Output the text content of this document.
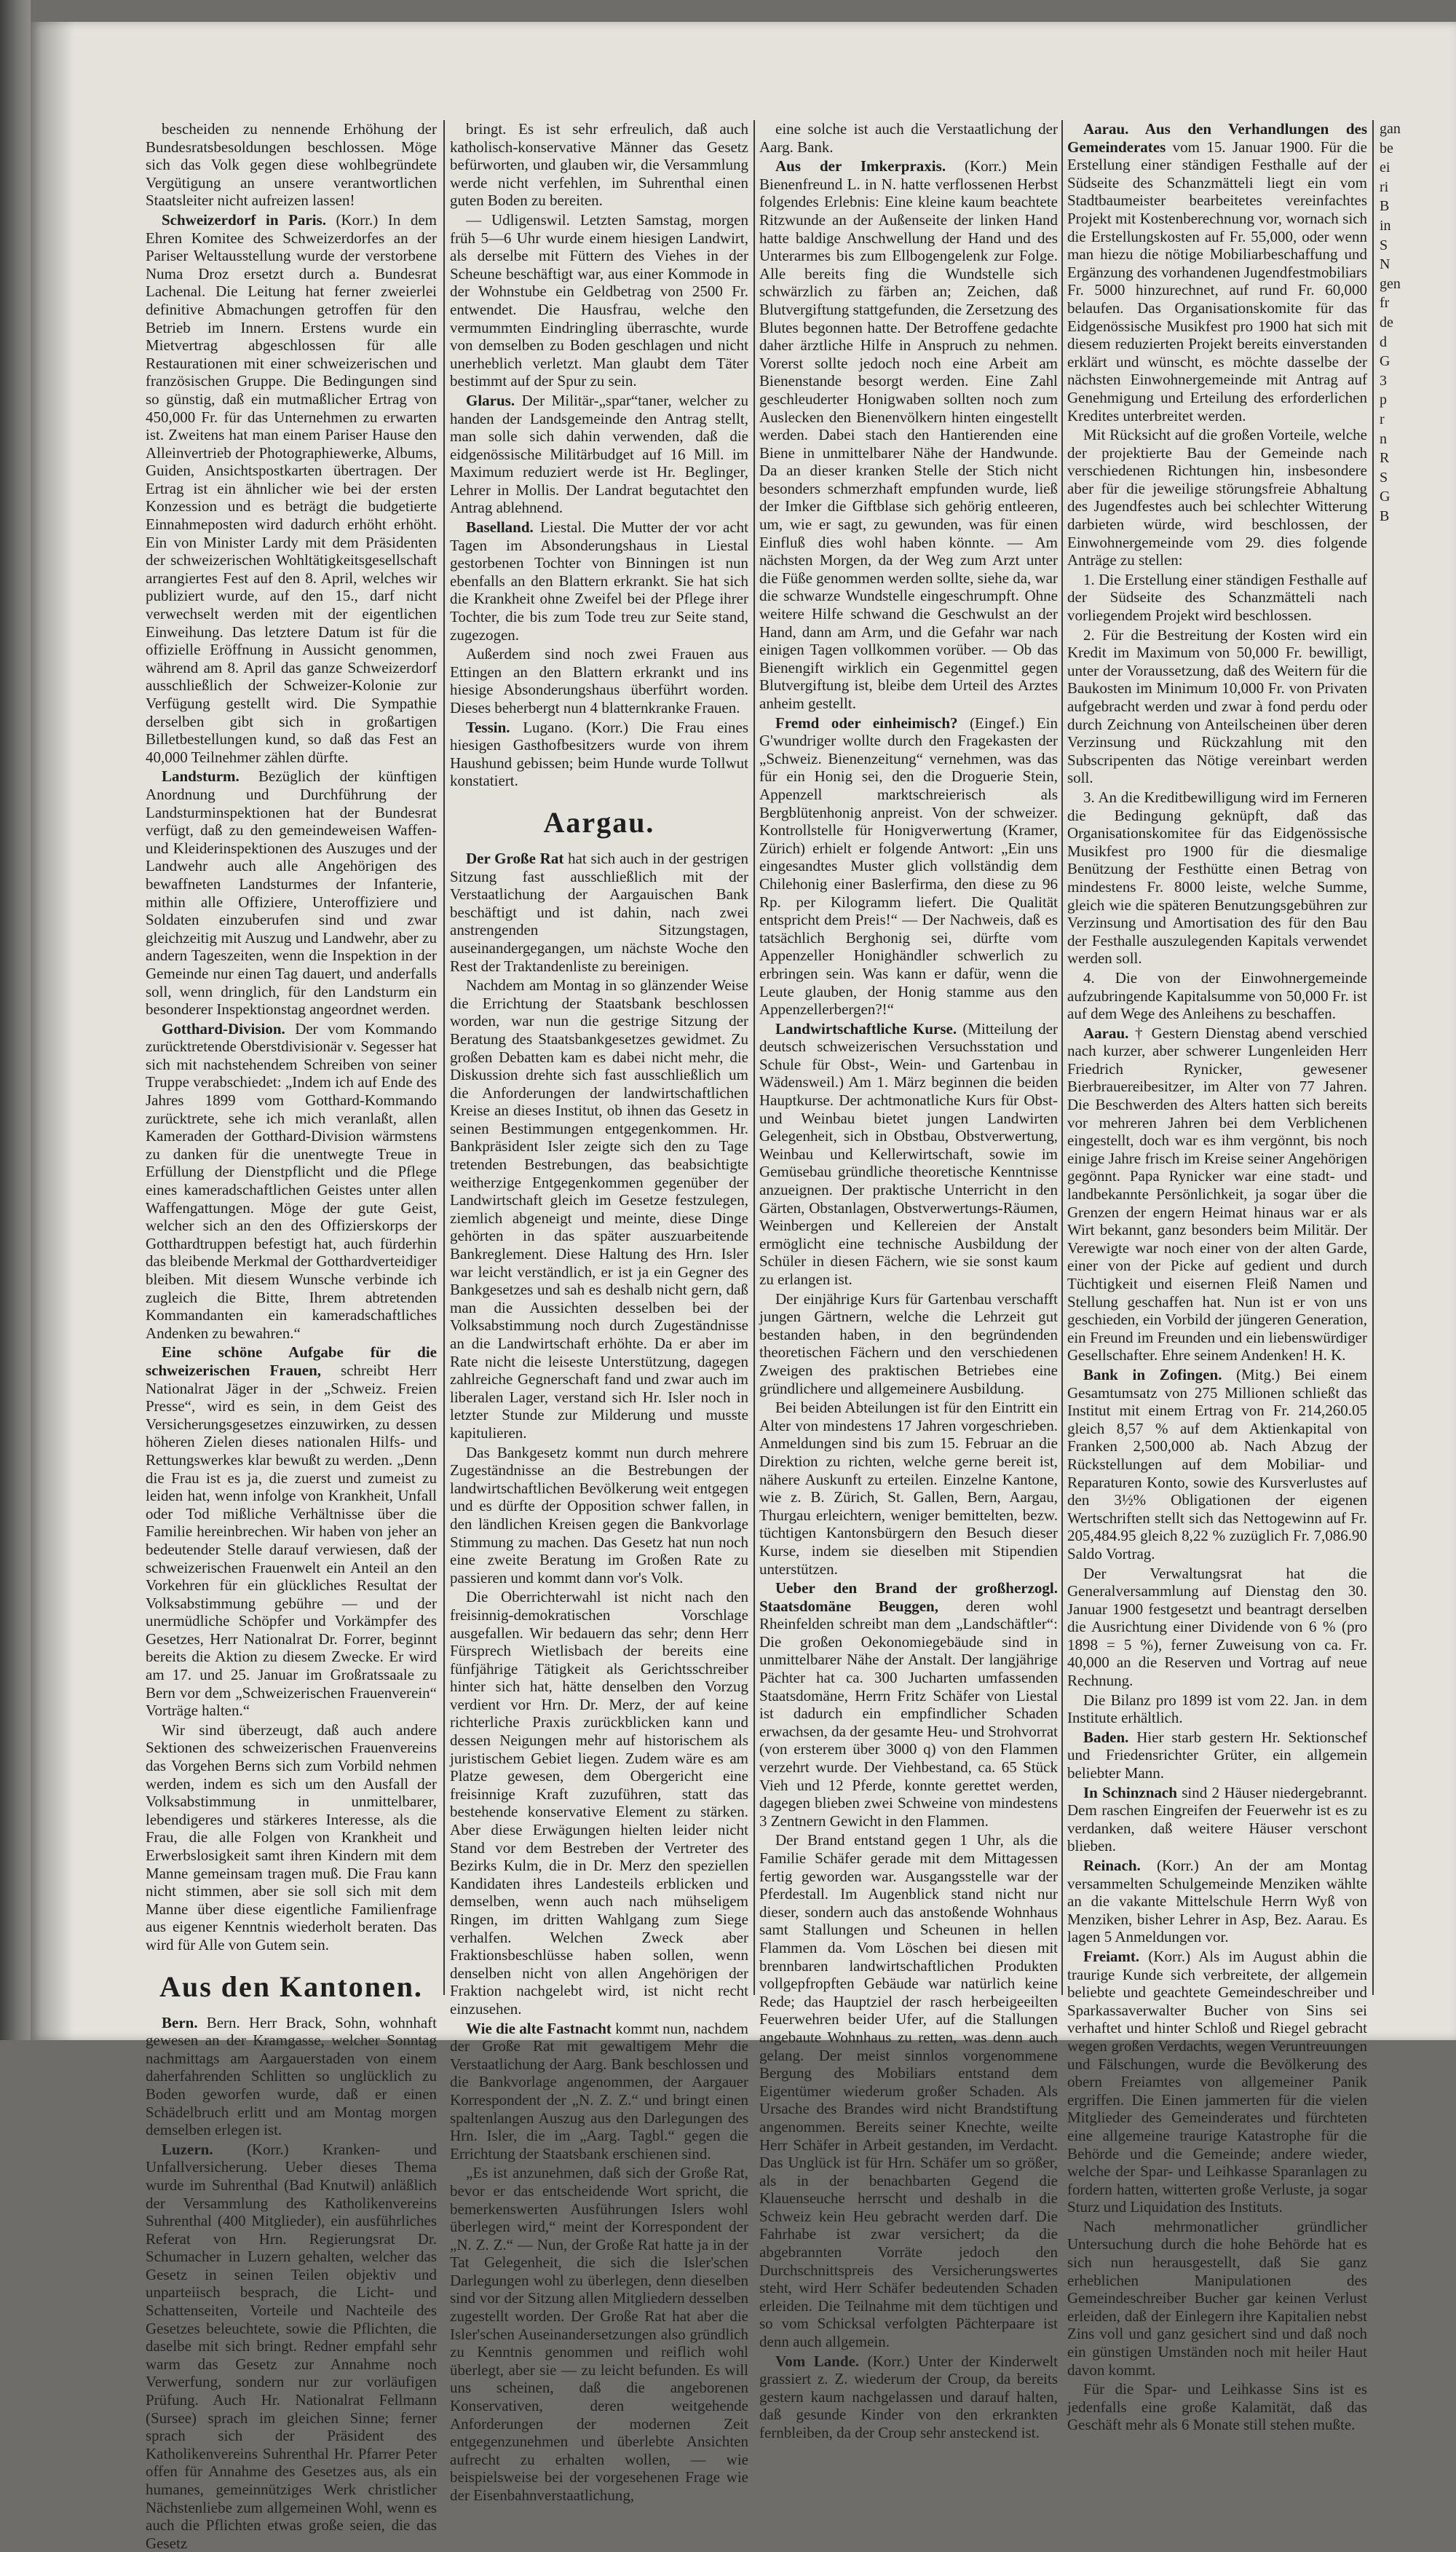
bescheiden zu nennende Erhöhung der Bundesratsbesoldungen beschlossen. Möge sich das Volk gegen diese wohlbegründete Vergütigung an unsere verantwortlichen Staatsleiter nicht aufreizen lassen!

Schweizerdorf in Paris. (Korr.) In dem Ehren Komitee des Schweizerdorfes an der Pariser Weltausstellung wurde der verstorbene Numa Droz ersetzt durch a. Bundesrat Lachenal. Die Leitung hat ferner zweierlei definitive Abmachungen getroffen für den Betrieb im Innern. Erstens wurde ein Mietvertrag abgeschlossen für alle Restaurationen mit einer schweizerischen und französischen Gruppe. Die Bedingungen sind so günstig, daß ein mutmaßlicher Ertrag von 450,000 Fr. für das Unternehmen zu erwarten ist. Zweitens hat man einem Pariser Hause den Alleinvertrieb der Photographiewerke, Albums, Guiden, Ansichtspostkarten übertragen. Der Ertrag ist ein ähnlicher wie bei der ersten Konzession und es beträgt die budgetierte Einnahmeposten wird dadurch erhöht erhöht. Ein von Minister Lardy mit dem Präsidenten der schweizerischen Wohltätigkeitsgesellschaft arrangiertes Fest auf den 8. April, welches wir publiziert wurde, auf den 15., darf nicht verwechselt werden mit der eigentlichen Einweihung. Das letztere Datum ist für die offizielle Eröffnung in Aussicht genommen, während am 8. April das ganze Schweizerdorf ausschließlich der Schweizer-Kolonie zur Verfügung gestellt wird. Die Sympathie derselben gibt sich in großartigen Billetbestellungen kund, so daß das Fest an 40,000 Teilnehmer zählen dürfte.

Landsturm. Bezüglich der künftigen Anordnung und Durchführung der Landsturminspektionen hat der Bundesrat verfügt, daß zu den gemeindeweisen Waffen- und Kleiderinspektionen des Auszuges und der Landwehr auch alle Angehörigen des bewaffneten Landsturmes der Infanterie, mithin alle Offiziere, Unteroffiziere und Soldaten einzuberufen sind und zwar gleichzeitig mit Auszug und Landwehr, aber zu andern Tageszeiten, wenn die Inspektion in der Gemeinde nur einen Tag dauert, und anderfalls soll, wenn dringlich, für den Landsturm ein besonderer Inspektionstag angeordnet werden.

Gotthard-Division. Der vom Kommando zurücktretende Oberstdivisionär v. Segesser hat sich mit nachstehendem Schreiben von seiner Truppe verabschiedet: „Indem ich auf Ende des Jahres 1899 vom Gotthard-Kommando zurücktrete, sehe ich mich veranlaßt, allen Kameraden der Gotthard-Division wärmstens zu danken für die unentwegte Treue in Erfüllung der Dienstpflicht und die Pflege eines kameradschaftlichen Geistes unter allen Waffengattungen. Möge der gute Geist, welcher sich an den des Offizierskorps der Gotthardtruppen befestigt hat, auch fürderhin das bleibende Merkmal der Gotthardverteidiger bleiben. Mit diesem Wunsche verbinde ich zugleich die Bitte, Ihrem abtretenden Kommandanten ein kameradschaftliches Andenken zu bewahren.“

Eine schöne Aufgabe für die schweizerischen Frauen, schreibt Herr Nationalrat Jäger in der „Schweiz. Freien Presse“, wird es sein, in dem Geist des Versicherungsgesetzes einzuwirken, zu dessen höheren Zielen dieses nationalen Hilfs- und Rettungswerkes klar bewußt zu werden. „Denn die Frau ist es ja, die zuerst und zumeist zu leiden hat, wenn infolge von Krankheit, Unfall oder Tod mißliche Verhältnisse über die Familie hereinbrechen. Wir haben von jeher an bedeutender Stelle darauf verwiesen, daß der schweizerischen Frauenwelt ein Anteil an den Vorkehren für ein glückliches Resultat der Volksabstimmung gebühre — und der unermüdliche Schöpfer und Vorkämpfer des Gesetzes, Herr Nationalrat Dr. Forrer, beginnt bereits die Aktion zu diesem Zwecke. Er wird am 17. und 25. Januar im Großratssaale zu Bern vor dem „Schweizerischen Frauenverein“ Vorträge halten.“

Wir sind überzeugt, daß auch andere Sektionen des schweizerischen Frauenvereins das Vorgehen Berns sich zum Vorbild nehmen werden, indem es sich um den Ausfall der Volksabstimmung in unmittelbarer, lebendigeres und stärkeres Interesse, als die Frau, die alle Folgen von Krankheit und Erwerbslosigkeit samt ihren Kindern mit dem Manne gemeinsam tragen muß. Die Frau kann nicht stimmen, aber sie soll sich mit dem Manne über diese eigentliche Familienfrage aus eigener Kenntnis wiederholt beraten. Das wird für Alle von Gutem sein.

Aus den Kantonen.

Bern. Bern. Herr Brack, Sohn, wohnhaft gewesen an der Kramgasse, welcher Sonntag nachmittags am Aargauerstaden von einem daherfahrenden Schlitten so unglücklich zu Boden geworfen wurde, daß er einen Schädelbruch erlitt und am Montag morgen demselben erlegen ist.

Luzern. (Korr.) Kranken- und Unfallversicherung. Ueber dieses Thema wurde im Suhrenthal (Bad Knutwil) anläßlich der Versammlung des Katholikenvereins Suhrenthal (400 Mitglieder), ein ausführliches Referat von Hrn. Regierungsrat Dr. Schumacher in Luzern gehalten, welcher das Gesetz in seinen Teilen objektiv und unparteiisch besprach, die Licht- und Schattenseiten, Vorteile und Nachteile des Gesetzes beleuchtete, sowie die Pflichten, die daselbe mit sich bringt. Redner empfahl sehr warm das Gesetz zur Annahme noch Verwerfung, sondern nur zur vorläufigen Prüfung. Auch Hr. Nationalrat Fellmann (Sursee) sprach im gleichen Sinne; ferner sprach sich der Präsident des Katholikenvereins Suhrenthal Hr. Pfarrer Peter offen für Annahme des Gesetzes aus, als ein humanes, gemeinnütziges Werk christlicher Nächstenliebe zum allgemeinen Wohl, wenn es auch die Pflichten etwas große seien, die das Gesetz

bringt. Es ist sehr erfreulich, daß auch katholisch-konservative Männer das Gesetz befürworten, und glauben wir, die Versammlung werde nicht verfehlen, im Suhrenthal einen guten Boden zu bereiten.

— Udligenswil. Letzten Samstag, morgen früh 5—6 Uhr wurde einem hiesigen Landwirt, als derselbe mit Füttern des Viehes in der Scheune beschäftigt war, aus einer Kommode in der Wohnstube ein Geldbetrag von 2500 Fr. entwendet. Die Hausfrau, welche den vermummten Eindringling überraschte, wurde von demselben zu Boden geschlagen und nicht unerheblich verletzt. Man glaubt dem Täter bestimmt auf der Spur zu sein.

Glarus. Der Militär-„spar“taner, welcher zu handen der Landsgemeinde den Antrag stellt, man solle sich dahin verwenden, daß die eidgenössische Militärbudget auf 16 Mill. im Maximum reduziert werde ist Hr. Beglinger, Lehrer in Mollis. Der Landrat begutachtet den Antrag ablehnend.

Baselland. Liestal. Die Mutter der vor acht Tagen im Absonderungshaus in Liestal gestorbenen Tochter von Binningen ist nun ebenfalls an den Blattern erkrankt. Sie hat sich die Krankheit ohne Zweifel bei der Pflege ihrer Tochter, die bis zum Tode treu zur Seite stand, zugezogen.

Außerdem sind noch zwei Frauen aus Ettingen an den Blattern erkrankt und ins hiesige Absonderungshaus überführt worden. Dieses beherbergt nun 4 blatternkranke Frauen.

Tessin. Lugano. (Korr.) Die Frau eines hiesigen Gasthofbesitzers wurde von ihrem Haushund gebissen; beim Hunde wurde Tollwut konstatiert.

Aargau.

Der Große Rat hat sich auch in der gestrigen Sitzung fast ausschließlich mit der Verstaatlichung der Aargauischen Bank beschäftigt und ist dahin, nach zwei anstrengenden Sitzungstagen, auseinandergegangen, um nächste Woche den Rest der Traktandenliste zu bereinigen.

Nachdem am Montag in so glänzender Weise die Errichtung der Staatsbank beschlossen worden, war nun die gestrige Sitzung der Beratung des Staatsbankgesetzes gewidmet. Zu großen Debatten kam es dabei nicht mehr, die Diskussion drehte sich fast ausschließlich um die Anforderungen der landwirtschaftlichen Kreise an dieses Institut, ob ihnen das Gesetz in seinen Bestimmungen entgegenkommen. Hr. Bankpräsident Isler zeigte sich den zu Tage tretenden Bestrebungen, das beabsichtigte weitherzige Entgegenkommen gegenüber der Landwirtschaft gleich im Gesetze festzulegen, ziemlich abgeneigt und meinte, diese Dinge gehörten in das später auszuarbeitende Bankreglement. Diese Haltung des Hrn. Isler war leicht verständlich, er ist ja ein Gegner des Bankgesetzes und sah es deshalb nicht gern, daß man die Aussichten desselben bei der Volksabstimmung noch durch Zugeständnisse an die Landwirtschaft erhöhte. Da er aber im Rate nicht die leiseste Unterstützung, dagegen zahlreiche Gegnerschaft fand und zwar auch im liberalen Lager, verstand sich Hr. Isler noch in letzter Stunde zur Milderung und musste kapitulieren.

Das Bankgesetz kommt nun durch mehrere Zugeständnisse an die Bestrebungen der landwirtschaftlichen Bevölkerung weit entgegen und es dürfte der Opposition schwer fallen, in den ländlichen Kreisen gegen die Bankvorlage Stimmung zu machen. Das Gesetz hat nun noch eine zweite Beratung im Großen Rate zu passieren und kommt dann vor's Volk.

Die Oberrichterwahl ist nicht nach den freisinnig-demokratischen Vorschlage ausgefallen. Wir bedauern das sehr; denn Herr Fürsprech Wietlisbach der bereits eine fünfjährige Tätigkeit als Gerichtsschreiber hinter sich hat, hätte denselben den Vorzug verdient vor Hrn. Dr. Merz, der auf keine richterliche Praxis zurückblicken kann und dessen Neigungen mehr auf historischem als juristischem Gebiet liegen. Zudem wäre es am Platze gewesen, dem Obergericht eine freisinnige Kraft zuzuführen, statt das bestehende konservative Element zu stärken. Aber diese Erwägungen hielten leider nicht Stand vor dem Bestreben der Vertreter des Bezirks Kulm, die in Dr. Merz den speziellen Kandidaten ihres Landesteils erblicken und demselben, wenn auch nach mühseligem Ringen, im dritten Wahlgang zum Siege verhalfen. Welchen Zweck aber Fraktionsbeschlüsse haben sollen, wenn denselben nicht von allen Angehörigen der Fraktion nachgelebt wird, ist nicht recht einzusehen.

Wie die alte Fastnacht kommt nun, nachdem der Große Rat mit gewaltigem Mehr die Verstaatlichung der Aarg. Bank beschlossen und die Bankvorlage angenommen, der Aargauer Korrespondent der „N. Z. Z.“ und bringt einen spaltenlangen Auszug aus den Darlegungen des Hrn. Isler, die im „Aarg. Tagbl.“ gegen die Errichtung der Staatsbank erschienen sind.

„Es ist anzunehmen, daß sich der Große Rat, bevor er das entscheidende Wort spricht, die bemerkenswerten Ausführungen Islers wohl überlegen wird,“ meint der Korrespondent der „N. Z. Z.“ — Nun, der Große Rat hatte ja in der Tat Gelegenheit, die sich die Isler'schen Darlegungen wohl zu überlegen, denn dieselben sind vor der Sitzung allen Mitgliedern desselben zugestellt worden. Der Große Rat hat aber die Isler'schen Auseinandersetzungen also gründlich zu Kenntnis genommen und reiflich wohl überlegt, aber sie — zu leicht befunden. Es will uns scheinen, daß die angeborenen Konservativen, deren weitgehende Anforderungen der modernen Zeit entgegenzunehmen und überlebte Ansichten aufrecht zu erhalten wollen, — wie beispielsweise bei der vorgesehenen Frage wie der Eisenbahnverstaatlichung,

eine solche ist auch die Verstaatlichung der Aarg. Bank.

Aus der Imkerpraxis. (Korr.) Mein Bienenfreund L. in N. hatte verflossenen Herbst folgendes Erlebnis: Eine kleine kaum beachtete Ritzwunde an der Außenseite der linken Hand hatte baldige Anschwellung der Hand und des Unterarmes bis zum Ellbogengelenk zur Folge. Alle bereits fing die Wundstelle sich schwärzlich zu färben an; Zeichen, daß Blutvergiftung stattgefunden, die Zersetzung des Blutes begonnen hatte. Der Betroffene gedachte daher ärztliche Hilfe in Anspruch zu nehmen. Vorerst sollte jedoch noch eine Arbeit am Bienenstande besorgt werden. Eine Zahl geschleuderter Honigwaben sollten noch zum Auslecken den Bienenvölkern hinten eingestellt werden. Dabei stach den Hantierenden eine Biene in unmittelbarer Nähe der Handwunde. Da an dieser kranken Stelle der Stich nicht besonders schmerzhaft empfunden wurde, ließ der Imker die Giftblase sich gehörig entleeren, um, wie er sagt, zu gewunden, was für einen Einfluß dies wohl haben könnte. — Am nächsten Morgen, da der Weg zum Arzt unter die Füße genommen werden sollte, siehe da, war die schwarze Wundstelle eingeschrumpft. Ohne weitere Hilfe schwand die Geschwulst an der Hand, dann am Arm, und die Gefahr war nach einigen Tagen vollkommen vorüber. — Ob das Bienengift wirklich ein Gegenmittel gegen Blutvergiftung ist, bleibe dem Urteil des Arztes anheim gestellt.

Fremd oder einheimisch? (Eingef.) Ein G'wundriger wollte durch den Fragekasten der „Schweiz. Bienenzeitung“ vernehmen, was das für ein Honig sei, den die Droguerie Stein, Appenzell marktschreierisch als Bergblütenhonig anpreist. Von der schweizer. Kontrollstelle für Honigverwertung (Kramer, Zürich) erhielt er folgende Antwort: „Ein uns eingesandtes Muster glich vollständig dem Chilehonig einer Baslerfirma, den diese zu 96 Rp. per Kilogramm liefert. Die Qualität entspricht dem Preis!“ — Der Nachweis, daß es tatsächlich Berghonig sei, dürfte vom Appenzeller Honighändler schwerlich zu erbringen sein. Was kann er dafür, wenn die Leute glauben, der Honig stamme aus den Appenzellerbergen?!“

Landwirtschaftliche Kurse. (Mitteilung der deutsch schweizerischen Versuchsstation und Schule für Obst-, Wein- und Gartenbau in Wädensweil.) Am 1. März beginnen die beiden Hauptkurse. Der achtmonatliche Kurs für Obst- und Weinbau bietet jungen Landwirten Gelegenheit, sich in Obstbau, Obstverwertung, Weinbau und Kellerwirtschaft, sowie im Gemüsebau gründliche theoretische Kenntnisse anzueignen. Der praktische Unterricht in den Gärten, Obstanlagen, Obstverwertungs-Räumen, Weinbergen und Kellereien der Anstalt ermöglicht eine technische Ausbildung der Schüler in diesen Fächern, wie sie sonst kaum zu erlangen ist.

Der einjährige Kurs für Gartenbau verschafft jungen Gärtnern, welche die Lehrzeit gut bestanden haben, in den begründenden theoretischen Fächern und den verschiedenen Zweigen des praktischen Betriebes eine gründlichere und allgemeinere Ausbildung.

Bei beiden Abteilungen ist für den Eintritt ein Alter von mindestens 17 Jahren vorgeschrieben. Anmeldungen sind bis zum 15. Februar an die Direktion zu richten, welche gerne bereit ist, nähere Auskunft zu erteilen. Einzelne Kantone, wie z. B. Zürich, St. Gallen, Bern, Aargau, Thurgau erleichtern, weniger bemittelten, bezw. tüchtigen Kantonsbürgern den Besuch dieser Kurse, indem sie dieselben mit Stipendien unterstützen.

Ueber den Brand der großherzogl. Staatsdomäne Beuggen, deren wohl Rheinfelden schreibt man dem „Landschäftler“: Die großen Oekonomiegebäude sind in unmittelbarer Nähe der Anstalt. Der langjährige Pächter hat ca. 300 Jucharten umfassenden Staatsdomäne, Herrn Fritz Schäfer von Liestal ist dadurch ein empfindlicher Schaden erwachsen, da der gesamte Heu- und Strohvorrat (von ersterem über 3000 q) von den Flammen verzehrt wurde. Der Viehbestand, ca. 65 Stück Vieh und 12 Pferde, konnte gerettet werden, dagegen blieben zwei Schweine von mindestens 3 Zentnern Gewicht in den Flammen.

Der Brand entstand gegen 1 Uhr, als die Familie Schäfer gerade mit dem Mittagessen fertig geworden war. Ausgangsstelle war der Pferdestall. Im Augenblick stand nicht nur dieser, sondern auch das anstoßende Wohnhaus samt Stallungen und Scheunen in hellen Flammen da. Vom Löschen bei diesen mit brennbaren landwirtschaftlichen Produkten vollgepfropften Gebäude war natürlich keine Rede; das Hauptziel der rasch herbeigeeilten Feuerwehren beider Ufer, auf die Stallungen angebaute Wohnhaus zu retten, was denn auch gelang. Der meist sinnlos vorgenommene Bergung des Mobiliars entstand dem Eigentümer wiederum großer Schaden. Als Ursache des Brandes wird nicht Brandstiftung angenommen. Bereits seiner Knechte, weilte Herr Schäfer in Arbeit gestanden, im Verdacht. Das Unglück ist für Hrn. Schäfer um so größer, als in der benachbarten Gegend die Klauenseuche herrscht und deshalb in die Schweiz kein Heu gebracht werden darf. Die Fahrhabe ist zwar versichert; da die abgebrannten Vorräte jedoch den Durchschnittspreis des Versicherungswertes steht, wird Herr Schäfer bedeutenden Schaden erleiden. Die Teilnahme mit dem tüchtigen und so vom Schicksal verfolgten Pächterpaare ist denn auch allgemein.

Vom Lande. (Korr.) Unter der Kinderwelt grassiert z. Z. wiederum der Croup, da bereits gestern kaum nachgelassen und darauf halten, daß gesunde Kinder von den erkrankten fernbleiben, da der Croup sehr ansteckend ist.

Aarau. Aus den Verhandlungen des Gemeinderates vom 15. Januar 1900. Für die Erstellung einer ständigen Festhalle auf der Südseite des Schanzmätteli liegt ein vom Stadtbaumeister bearbeitetes vereinfachtes Projekt mit Kostenberechnung vor, wornach sich die Erstellungskosten auf Fr. 55,000, oder wenn man hiezu die nötige Mobiliarbeschaffung und Ergänzung des vorhandenen Jugendfestmobiliars Fr. 5000 hinzurechnet, auf rund Fr. 60,000 belaufen. Das Organisationskomite für das Eidgenössische Musikfest pro 1900 hat sich mit diesem reduzierten Projekt bereits einverstanden erklärt und wünscht, es möchte dasselbe der nächsten Einwohnergemeinde mit Antrag auf Genehmigung und Erteilung des erforderlichen Kredites unterbreitet werden.

Mit Rücksicht auf die großen Vorteile, welche der projektierte Bau der Gemeinde nach verschiedenen Richtungen hin, insbesondere aber für die jeweilige störungsfreie Abhaltung des Jugendfestes auch bei schlechter Witterung darbieten würde, wird beschlossen, der Einwohnergemeinde vom 29. dies folgende Anträge zu stellen:

1. Die Erstellung einer ständigen Festhalle auf der Südseite des Schanzmätteli nach vorliegendem Projekt wird beschlossen.

2. Für die Bestreitung der Kosten wird ein Kredit im Maximum von 50,000 Fr. bewilligt, unter der Voraussetzung, daß des Weitern für die Baukosten im Minimum 10,000 Fr. von Privaten aufgebracht werden und zwar à fond perdu oder durch Zeichnung von Anteilscheinen über deren Verzinsung und Rückzahlung mit den Subscripenten das Nötige vereinbart werden soll.

3. An die Kreditbewilligung wird im Ferneren die Bedingung geknüpft, daß das Organisationskomitee für das Eidgenössische Musikfest pro 1900 für die diesmalige Benützung der Festhütte einen Betrag von mindestens Fr. 8000 leiste, welche Summe, gleich wie die späteren Benutzungsgebühren zur Verzinsung und Amortisation des für den Bau der Festhalle auszulegenden Kapitals verwendet werden soll.

4. Die von der Einwohnergemeinde aufzubringende Kapitalsumme von 50,000 Fr. ist auf dem Wege des Anleihens zu beschaffen.

Aarau. † Gestern Dienstag abend verschied nach kurzer, aber schwerer Lungenleiden Herr Friedrich Rynicker, gewesener Bierbrauereibesitzer, im Alter von 77 Jahren. Die Beschwerden des Alters hatten sich bereits vor mehreren Jahren bei dem Verblichenen eingestellt, doch war es ihm vergönnt, bis noch einige Jahre frisch im Kreise seiner Angehörigen gegönnt. Papa Rynicker war eine stadt- und landbekannte Persönlichkeit, ja sogar über die Grenzen der engern Heimat hinaus war er als Wirt bekannt, ganz besonders beim Militär. Der Verewigte war noch einer von der alten Garde, einer von der Picke auf gedient und durch Tüchtigkeit und eisernen Fleiß Namen und Stellung geschaffen hat. Nun ist er von uns geschieden, ein Vorbild der jüngeren Generation, ein Freund im Freunden und ein liebenswürdiger Gesellschafter. Ehre seinem Andenken! H. K.

Bank in Zofingen. (Mitg.) Bei einem Gesamtumsatz von 275 Millionen schließt das Institut mit einem Ertrag von Fr. 214,260.05 gleich 8,57 % auf dem Aktienkapital von Franken 2,500,000 ab. Nach Abzug der Rückstellungen auf dem Mobiliar- und Reparaturen Konto, sowie des Kursverlustes auf den 3½% Obligationen der eigenen Wertschriften stellt sich das Nettogewinn auf Fr. 205,484.95 gleich 8,22 % zuzüglich Fr. 7,086.90 Saldo Vortrag.

Der Verwaltungsrat hat die Generalversammlung auf Dienstag den 30. Januar 1900 festgesetzt und beantragt derselben die Ausrichtung einer Dividende von 6 % (pro 1898 = 5 %), ferner Zuweisung von ca. Fr. 40,000 an die Reserven und Vortrag auf neue Rechnung.

Die Bilanz pro 1899 ist vom 22. Jan. in dem Institute erhältlich.

Baden. Hier starb gestern Hr. Sektionschef und Friedensrichter Grüter, ein allgemein beliebter Mann.

In Schinznach sind 2 Häuser niedergebrannt. Dem raschen Eingreifen der Feuerwehr ist es zu verdanken, daß weitere Häuser verschont blieben.

Reinach. (Korr.) An der am Montag versammelten Schulgemeinde Menziken wählte an die vakante Mittelschule Herrn Wyß von Menziken, bisher Lehrer in Asp, Bez. Aarau. Es lagen 5 Anmeldungen vor.

Freiamt. (Korr.) Als im August abhin die traurige Kunde sich verbreitete, der allgemein beliebte und geachtete Gemeindeschreiber und Sparkassaverwalter Bucher von Sins sei verhaftet und hinter Schloß und Riegel gebracht wegen großen Verdachts, wegen Veruntreuungen und Fälschungen, wurde die Bevölkerung des obern Freiamtes von allgemeiner Panik ergriffen. Die Einen jammerten für die vielen Mitglieder des Gemeinderates und fürchteten eine allgemeine traurige Katastrophe für die Behörde und die Gemeinde; andere wieder, welche der Spar- und Leihkasse Sparanlagen zu fordern hatten, witterten große Verluste, ja sogar Sturz und Liquidation des Instituts.

Nach mehrmonatlicher gründlicher Untersuchung durch die hohe Behörde hat es sich nun herausgestellt, daß Sie ganz erheblichen Manipulationen des Gemeindeschreiber Bucher gar keinen Verlust erleiden, daß der Einlegern ihre Kapitalien nebst Zins voll und ganz gesichert sind und daß noch ein günstigen Umständen noch mit heiler Haut davon kommt.

Für die Spar- und Leihkasse Sins ist es jedenfalls eine große Kalamität, daß das Geschäft mehr als 6 Monate still stehen mußte.

gan

be

ei

ri

B

in

S

N

gen

fr

de

d

G

3

p

r

n

R

S

G

B
